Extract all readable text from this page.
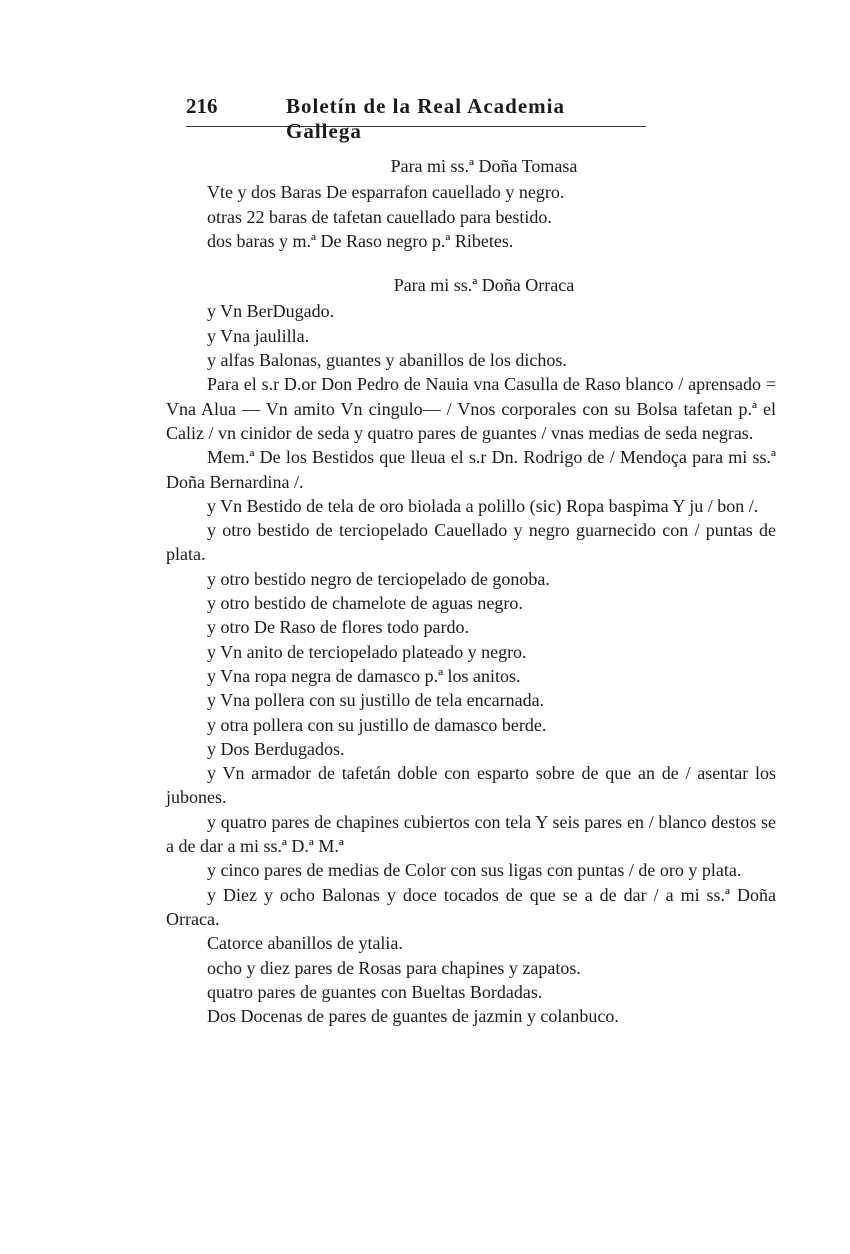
216	Boletín de la Real Academia Gallega

Para mi ss.ª Doña Tomasa

Vte y dos Baras De esparrafon cauellado y negro.

otras 22 baras de tafetan cauellado para bestido.

dos baras y m.ª De Raso negro p.ª Ribetes.

Para mi ss.ª Doña Orraca

y Vn BerDugado.

y Vna jaulilla.

y alfas Balonas, guantes y abanillos de los dichos.

Para el s.r D.or Don Pedro de Nauia vna Casulla de Raso blanco / aprensado = Vna Alua — Vn amito Vn cingulo— / Vnos corporales con su Bolsa tafetan p.ª el Caliz / vn cinidor de seda y quatro pares de guantes / vnas medias de seda negras.

Mem.ª De los Bestidos que lleua el s.r Dn. Rodrigo de / Mendoça para mi ss.ª Doña Bernardina /.

y Vn Bestido de tela de oro biolada a polillo (sic) Ropa baspima Y ju / bon /.

y otro bestido de terciopelado Cauellado y negro guarnecido con / puntas de plata.

y otro bestido negro de terciopelado de gonoba.

y otro bestido de chamelote de aguas negro.

y otro De Raso de flores todo pardo.

y Vn anito de terciopelado plateado y negro.

y Vna ropa negra de damasco p.ª los anitos.

y Vna pollera con su justillo de tela encarnada.

y otra pollera con su justillo de damasco berde.

y Dos Berdugados.

y Vn armador de tafetán doble con esparto sobre de que an de / asentar los jubones.

y quatro pares de chapines cubiertos con tela Y seis pares en / blanco destos se a de dar a mi ss.ª D.ª M.ª

y cinco pares de medias de Color con sus ligas con puntas / de oro y plata.

y Diez y ocho Balonas y doce tocados de que se a de dar / a mi ss.ª Doña Orraca.

Catorce abanillos de ytalia.

ocho y diez pares de Rosas para chapines y zapatos.

quatro pares de guantes con Bueltas Bordadas.

Dos Docenas de pares de guantes de jazmin y colanbuco.
